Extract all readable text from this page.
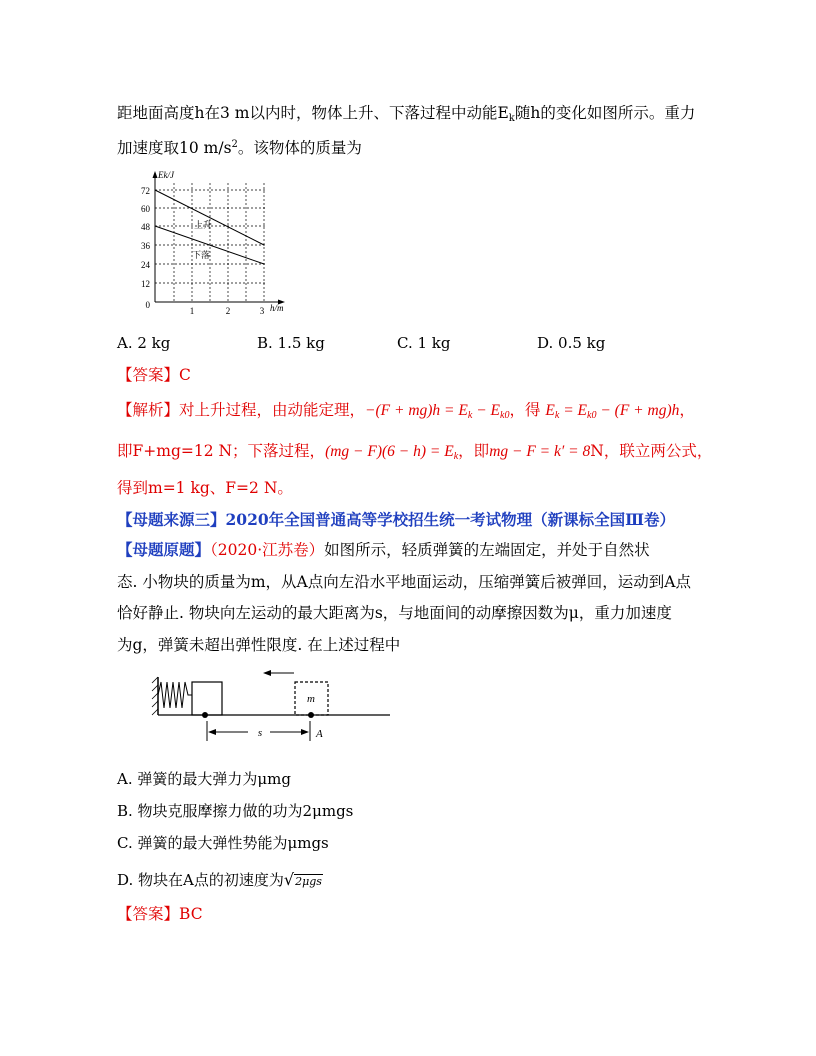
距地面高度h在3 m以内时，物体上升、下落过程中动能$E_k$随h的变化如图所示。重力
加速度取10 $m/s^2$。该物体的质量为
Ek/J
72
60
48
36
24
12
0
1	2	3 h/m
上升
下落
A. 2 kg	B. 1.5 kg	C. 1 kg	D. 0.5 kg
【答案】C
【解析】对上升过程，由动能定理，$-(F + mg)h = E_k - E_{k0}$，得 $E_k = E_{k0} - (F + mg)h$，
即F+mg=12 N；下落过程，$(mg - F)(6 - h) = E_k$，即mg − F = k′ = 8N，联立两公式，
得到m=1 kg、F=2 N。
【母题来源三】2020年全国普通高等学校招生统一考试物理（新课标全国Ⅲ卷）
【母题原题】（2020·江苏卷）如图所示，轻质弹簧的左端固定，并处于自然状
态. 小物块的质量为m，从A点向左沿水平地面运动，压缩弹簧后被弹回，运动到A点
恰好静止. 物块向左运动的最大距离为s，与地面间的动摩擦因数为μ，重力加速度
为g，弹簧未超出弹性限度. 在上述过程中
m
s	A
A. 弹簧的最大弹力为μmg
B. 物块克服摩擦力做的功为2μmgs
C. 弹簧的最大弹性势能为μmgs
D. 物块在A点的初速度为√2μgs
【答案】BC
